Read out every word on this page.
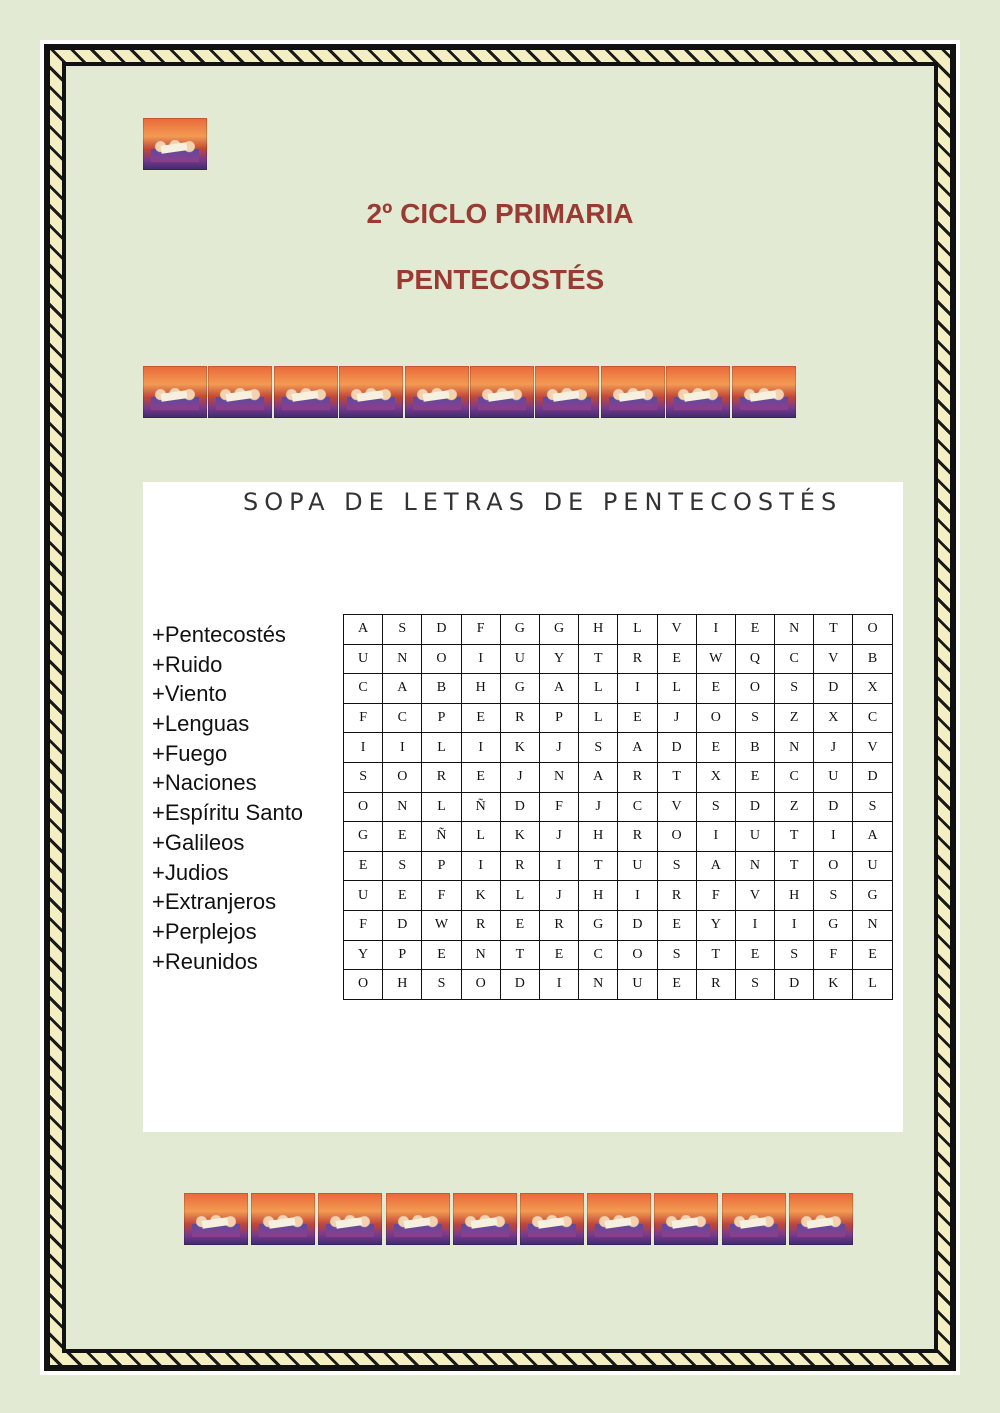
2º CICLO PRIMARIA
PENTECOSTÉS
SOPA DE LETRAS DE PENTECOSTÉS
+Pentecostés
+Ruido
+Viento
+Lenguas
+Fuego
+Naciones
+Espíritu Santo
+Galileos
+Judios
+Extranjeros
+Perplejos
+Reunidos
A	S	D	F	G	G	H	L	V	I	E	N	T	O
U	N	O	I	U	Y	T	R	E	W	Q	C	V	B
C	A	B	H	G	A	L	I	L	E	O	S	D	X
F	C	P	E	R	P	L	E	J	O	S	Z	X	C
I	I	L	I	K	J	S	A	D	E	B	N	J	V
S	O	R	E	J	N	A	R	T	X	E	C	U	D
O	N	L	Ñ	D	F	J	C	V	S	D	Z	D	S
G	E	Ñ	L	K	J	H	R	O	I	U	T	I	A
E	S	P	I	R	I	T	U	S	A	N	T	O	U
U	E	F	K	L	J	H	I	R	F	V	H	S	G
F	D	W	R	E	R	G	D	E	Y	I	I	G	N
Y	P	E	N	T	E	C	O	S	T	E	S	F	E
O	H	S	O	D	I	N	U	E	R	S	D	K	L
